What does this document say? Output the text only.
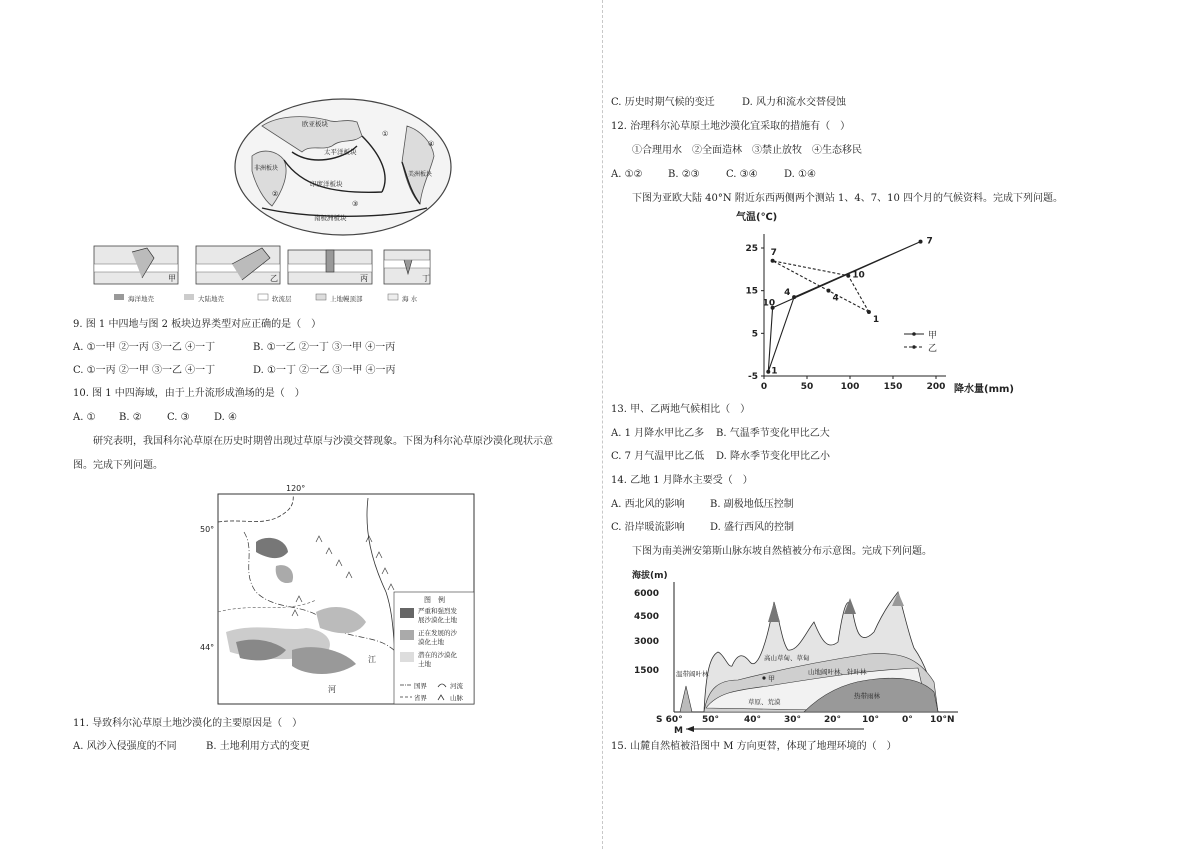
欧亚板块
非洲板块
太平洋板块
印度洋板块
美洲板块
南极洲板块
①
②
③
④
甲	乙	丙	丁
海洋地壳	大陆地壳	软流层	上地幔顶部	海 水
9. 图 1 中四地与图 2 板块边界类型对应正确的是（　）
A. ①一甲 ②一丙 ③一乙 ④一丁	B. ①一乙 ②一丁 ③一甲 ④一丙
C. ①一丙 ②一甲 ③一乙 ④一丁	D. ①一丁 ②一乙 ③一甲 ④一丙
10. 图 1 中四海域，由于上升流形成渔场的是（　）
A. ① B. ②	C. ③ D. ④
研究表明，我国科尔沁草原在历史时期曾出现过草原与沙漠交替现象。下图为科尔沁草原沙漠化现状示意
图。完成下列问题。
120°
50°
44°
江
河
图　例
严重和强烈发
展沙漠化土地
正在发展的沙
漠化土地
潜在的沙漠化
土地
国界	河流
省界	山脉
11. 导致科尔沁草原土地沙漠化的主要原因是（　）
A. 风沙入侵强度的不同	B. 土地利用方式的变更
C. 历史时期气候的变迁	D. 风力和流水交替侵蚀
12. 治理科尔沁草原土地沙漠化宜采取的措施有（　）
①合理用水　②全面造林　③禁止放牧　④生态移民
A. ①②	B. ②③	C. ③④	D. ①④
下图为亚欧大陆 40°N 附近东西两侧两个测站 1、4、7、10 四个月的气候资料。完成下列问题。
气温(℃)
降水量(mm)
-5
5
15
25
0	50	100	150	200
1
4
7
10
1
4
7
10
甲
乙
13. 甲、乙两地气候相比（　）
A. 1 月降水甲比乙多 B. 气温季节变化甲比乙大
C. 7 月气温甲比乙低 D. 降水季节变化甲比乙小
14. 乙地 1 月降水主要受（　）
A. 西北风的影响	B. 副极地低压控制
C. 沿岸暖流影响	D. 盛行西风的控制
下图为南美洲安第斯山脉东坡自然植被分布示意图。完成下列问题。
海拔(m)
6000
4500
3000
1500	温带阔叶林
高山草甸、草甸
山地阔叶林、针叶林
甲
草原、荒漠
热带雨林
S 60° 50°	40°	30°	20° 10°	0° 10°N
M
15. 山麓自然植被沿图中 M 方向更替，体现了地理环境的（　）
